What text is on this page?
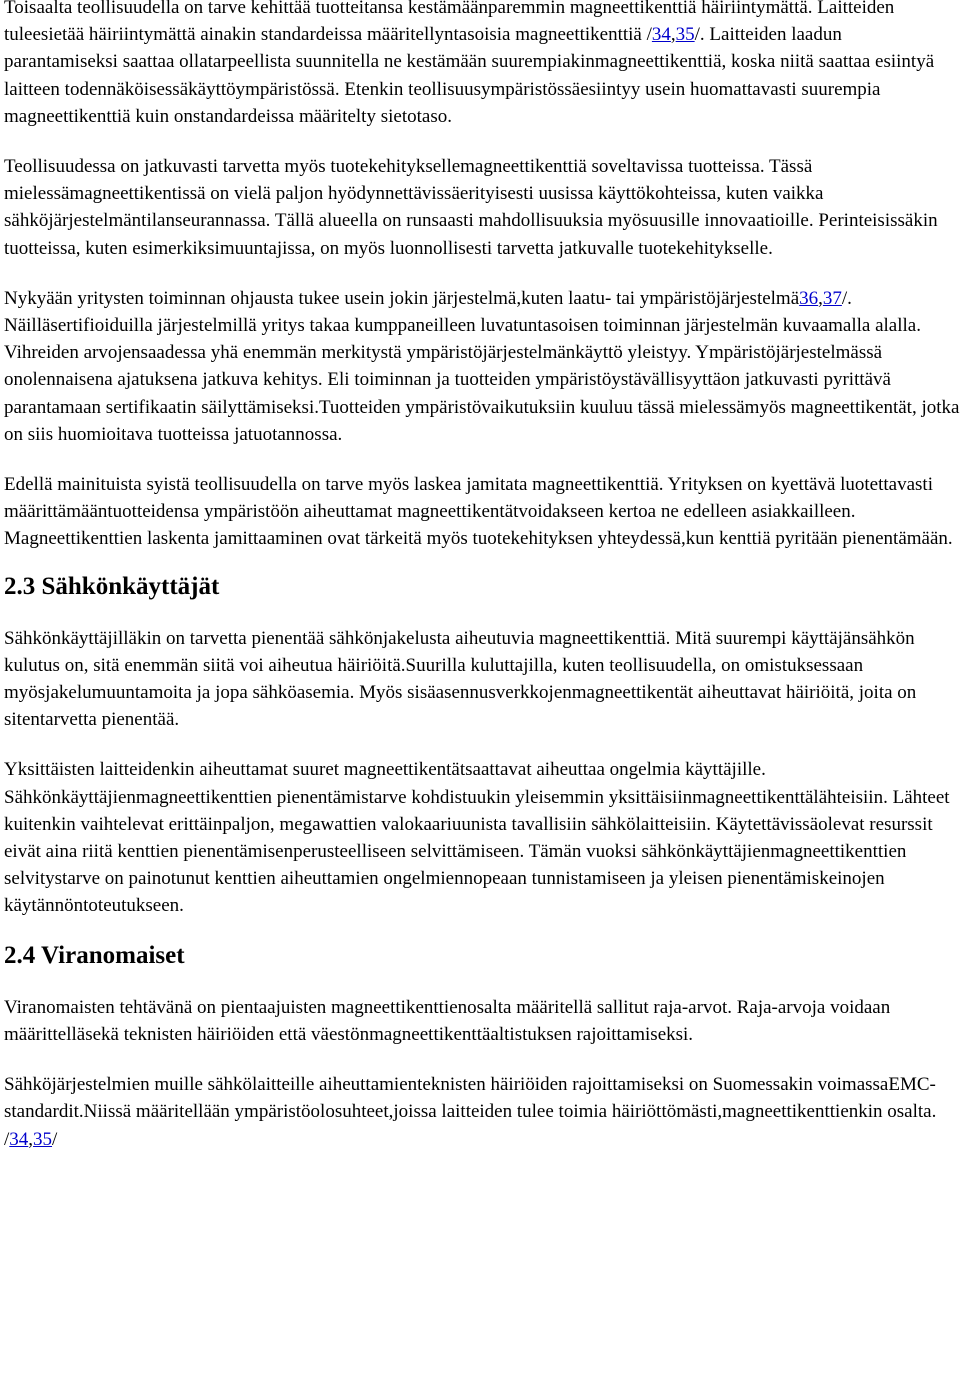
Toisaalta teollisuudella on tarve kehittää tuotteitansa kestämäänparemmin magneettikenttiä häiriintymättä. Laitteiden tuleesietää häiriintymättä ainakin standardeissa määritellyntasoisia magneettikenttiä /34,35/. Laitteiden laadun parantamiseksi saattaa ollatarpeellista suunnitella ne kestämään suurempiakinmagneettikenttiä, koska niitä saattaa esiintyä laitteen todennäköisessäkäyttöympäristössä. Etenkin teollisuusympäristössäesiintyy usein huomattavasti suurempia magneettikenttiä kuin onstandardeissa määritelty sietotaso.

Teollisuudessa on jatkuvasti tarvetta myös tuotekehityksellemagneettikenttiä soveltavissa tuotteissa. Tässä mielessämagneettikentissä on vielä paljon hyödynnettävissäerityisesti uusissa käyttökohteissa, kuten vaikka sähköjärjestelmäntilanseurannassa. Tällä alueella on runsaasti mahdollisuuksia myösuusille innovaatioille. Perinteisissäkin tuotteissa, kuten esimerkiksimuuntajissa, on myös luonnollisesti tarvetta jatkuvalle tuotekehitykselle.

Nykyään yritysten toiminnan ohjausta tukee usein jokin järjestelmä,kuten laatu- tai ympäristöjärjestelmä36,37/. Näilläsertifioiduilla järjestelmillä yritys takaa kumppaneilleen luvatuntasoisen toiminnan järjestelmän kuvaamalla alalla. Vihreiden arvojensaadessa yhä enemmän merkitystä ympäristöjärjestelmänkäyttö yleistyy. Ympäristöjärjestelmässä onolennaisena ajatuksena jatkuva kehitys. Eli toiminnan ja tuotteiden ympäristöystävällisyyttäon jatkuvasti pyrittävä parantamaan sertifikaatin säilyttämiseksi.Tuotteiden ympäristövaikutuksiin kuuluu tässä mielessämyös magneettikentät, jotka on siis huomioitava tuotteissa jatuotannossa.

Edellä mainituista syistä teollisuudella on tarve myös laskea jamitata magneettikenttiä. Yrityksen on kyettävä luotettavasti määrittämääntuotteidensa ympäristöön aiheuttamat magneettikentätvoidakseen kertoa ne edelleen asiakkailleen. Magneettikenttien laskenta jamittaaminen ovat tärkeitä myös tuotekehityksen yhteydessä,kun kenttiä pyritään pienentämään.

2.3 Sähkönkäyttäjät

Sähkönkäyttäjilläkin on tarvetta pienentää sähkönjakelusta aiheutuvia magneettikenttiä. Mitä suurempi käyttäjänsähkön kulutus on, sitä enemmän siitä voi aiheutua häiriöitä.Suurilla kuluttajilla, kuten teollisuudella, on omistuksessaan myösjakelumuuntamoita ja jopa sähköasemia. Myös sisäasennusverkkojenmagneettikentät aiheuttavat häiriöitä, joita on sitentarvetta pienentää.

Yksittäisten laitteidenkin aiheuttamat suuret magneettikentätsaattavat aiheuttaa ongelmia käyttäjille. Sähkönkäyttäjienmagneettikenttien pienentämistarve kohdistuukin yleisemmin yksittäisiinmagneettikenttälähteisiin. Lähteet kuitenkin vaihtelevat erittäinpaljon, megawattien valokaariuunista tavallisiin sähkölaitteisiin. Käytettävissäolevat resurssit eivät aina riitä kenttien pienentämisenperusteelliseen selvittämiseen. Tämän vuoksi sähkönkäyttäjienmagneettikenttien selvitystarve on painotunut kenttien aiheuttamien ongelmiennopeaan tunnistamiseen ja yleisen pienentämiskeinojen käytännöntoteutukseen.

2.4 Viranomaiset

Viranomaisten tehtävänä on pientaajuisten magneettikenttienosalta määritellä sallitut raja-arvot. Raja-arvoja voidaan määrittelläsekä teknisten häiriöiden että väestönmagneettikenttäaltistuksen rajoittamiseksi.

Sähköjärjestelmien muille sähkölaitteille aiheuttamienteknisten häiriöiden rajoittamiseksi on Suomessakin voimassaEMC-standardit.Niissä määritellään ympäristöolosuhteet,joissa laitteiden tulee toimia häiriöttömästi,magneettikenttienkin osalta. /34,35/
